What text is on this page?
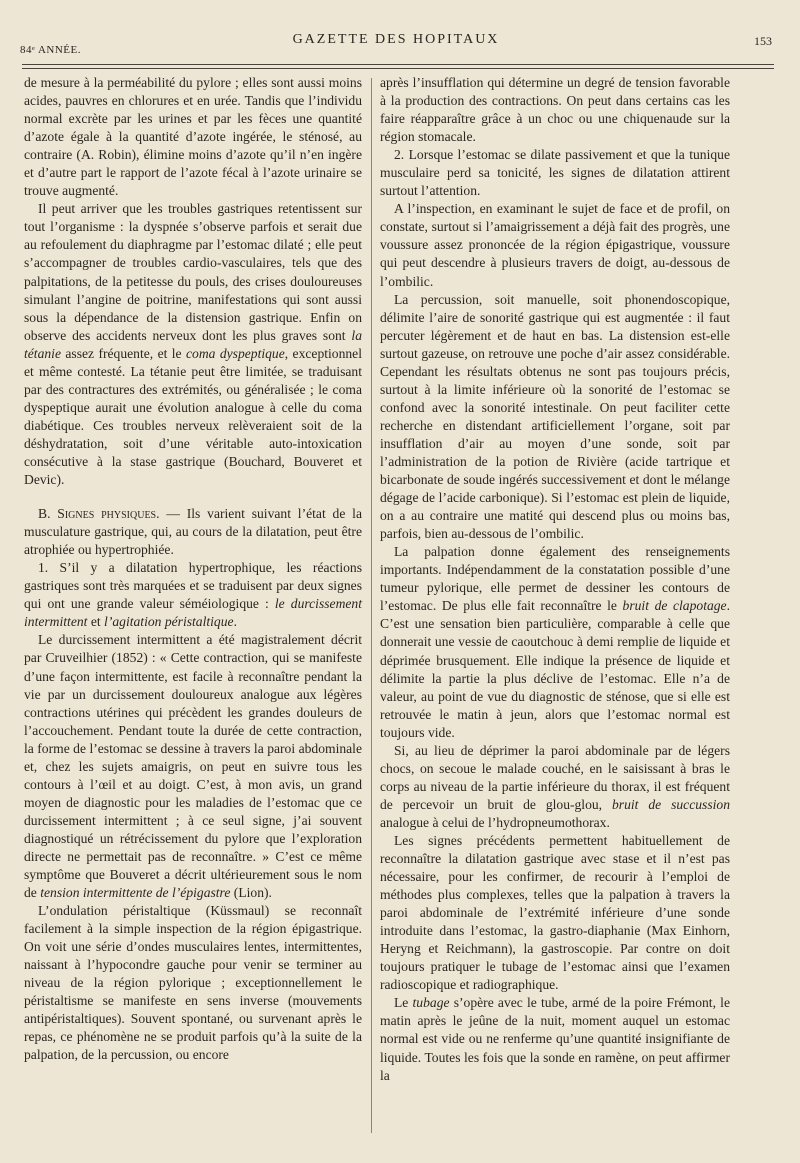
84ᵉ ANNÉE.
GAZETTE DES HOPITAUX	153

de mesure à la perméabilité du pylore ; elles sont aussi moins acides, pauvres en chlorures et en urée. Tandis que l’individu normal excrète par les urines et par les fèces une quantité d’azote égale à la quantité d’azote ingérée, le sténosé, au contraire (A. Robin), élimine moins d’azote qu’il n’en ingère et d’autre part le rapport de l’azote fécal à l’azote urinaire se trouve augmenté.

Il peut arriver que les troubles gastriques retentissent sur tout l’organisme : la dyspnée s’observe parfois et serait due au refoulement du diaphragme par l’estomac dilaté ; elle peut s’accompagner de troubles cardio-vasculaires, tels que des palpitations, de la petitesse du pouls, des crises douloureuses simulant l’angine de poitrine, manifestations qui sont aussi sous la dépendance de la distension gastrique. Enfin on observe des accidents nerveux dont les plus graves sont la tétanie assez fréquente, et le coma dyspeptique, exceptionnel et même contesté. La tétanie peut être limitée, se traduisant par des contractures des extrémités, ou généralisée ; le coma dyspeptique aurait une évolution analogue à celle du coma diabétique. Ces troubles nerveux relèveraient soit de la déshydratation, soit d’une véritable auto-intoxication consécutive à la stase gastrique (Bouchard, Bouveret et Devic).

B. Signes physiques. — Ils varient suivant l’état de la musculature gastrique, qui, au cours de la dilatation, peut être atrophiée ou hypertrophiée.

1. S’il y a dilatation hypertrophique, les réactions gastriques sont très marquées et se traduisent par deux signes qui ont une grande valeur séméiologique : le durcissement intermittent et l’agitation péristaltique.

Le durcissement intermittent a été magistralement décrit par Cruveilhier (1852) : « Cette contraction, qui se manifeste d’une façon intermittente, est facile à reconnaître pendant la vie par un durcissement douloureux analogue aux légères contractions utérines qui précèdent les grandes douleurs de l’accouchement. Pendant toute la durée de cette contraction, la forme de l’estomac se dessine à travers la paroi abdominale et, chez les sujets amaigris, on peut en suivre tous les contours à l’œil et au doigt. C’est, à mon avis, un grand moyen de diagnostic pour les maladies de l’estomac que ce durcissement intermittent ; à ce seul signe, j’ai souvent diagnostiqué un rétrécissement du pylore que l’exploration directe ne permettait pas de reconnaître. » C’est ce même symptôme que Bouveret a décrit ultérieurement sous le nom de tension intermittente de l’épigastre (Lion).

L’ondulation péristaltique (Küssmaul) se reconnaît facilement à la simple inspection de la région épigastrique. On voit une série d’ondes musculaires lentes, intermittentes, naissant à l’hypocondre gauche pour venir se terminer au niveau de la région pylorique ; exceptionnellement le péristaltisme se manifeste en sens inverse (mouvements antipéristaltiques). Souvent spontané, ou survenant après le repas, ce phénomène ne se produit parfois qu’à la suite de la palpation, de la percussion, ou encore

après l’insufflation qui détermine un degré de tension favorable à la production des contractions. On peut dans certains cas les faire réapparaître grâce à un choc ou une chiquenaude sur la région stomacale.

2. Lorsque l’estomac se dilate passivement et que la tunique musculaire perd sa tonicité, les signes de dilatation attirent surtout l’attention.

A l’inspection, en examinant le sujet de face et de profil, on constate, surtout si l’amaigrissement a déjà fait des progrès, une voussure assez prononcée de la région épigastrique, voussure qui peut descendre à plusieurs travers de doigt, au-dessous de l’ombilic.

La percussion, soit manuelle, soit phonendoscopique, délimite l’aire de sonorité gastrique qui est augmentée : il faut percuter légèrement et de haut en bas. La distension est-elle surtout gazeuse, on retrouve une poche d’air assez considérable. Cependant les résultats obtenus ne sont pas toujours précis, surtout à la limite inférieure où la sonorité de l’estomac se confond avec la sonorité intestinale. On peut faciliter cette recherche en distendant artificiellement l’organe, soit par insufflation d’air au moyen d’une sonde, soit par l’administration de la potion de Rivière (acide tartrique et bicarbonate de soude ingérés successivement et dont le mélange dégage de l’acide carbonique). Si l’estomac est plein de liquide, on a au contraire une matité qui descend plus ou moins bas, parfois, bien au-dessous de l’ombilic.

La palpation donne également des renseignements importants. Indépendamment de la constatation possible d’une tumeur pylorique, elle permet de dessiner les contours de l’estomac. De plus elle fait reconnaître le bruit de clapotage. C’est une sensation bien particulière, comparable à celle que donnerait une vessie de caoutchouc à demi remplie de liquide et déprimée brusquement. Elle indique la présence de liquide et délimite la partie la plus déclive de l’estomac. Elle n’a de valeur, au point de vue du diagnostic de sténose, que si elle est retrouvée le matin à jeun, alors que l’estomac normal est toujours vide.

Si, au lieu de déprimer la paroi abdominale par de légers chocs, on secoue le malade couché, en le saisissant à bras le corps au niveau de la partie inférieure du thorax, il est fréquent de percevoir un bruit de glou-glou, bruit de succussion analogue à celui de l’hydropneumothorax.

Les signes précédents permettent habituellement de reconnaître la dilatation gastrique avec stase et il n’est pas nécessaire, pour les confirmer, de recourir à l’emploi de méthodes plus complexes, telles que la palpation à travers la paroi abdominale de l’extrémité inférieure d’une sonde introduite dans l’estomac, la gastro-diaphanie (Max Einhorn, Heryng et Reichmann), la gastroscopie. Par contre on doit toujours pratiquer le tubage de l’estomac ainsi que l’examen radioscopique et radiographique.

Le tubage s’opère avec le tube, armé de la poire Frémont, le matin après le jeûne de la nuit, moment auquel un estomac normal est vide ou ne renferme qu’une quantité insignifiante de liquide. Toutes les fois que la sonde en ramène, on peut affirmer la
